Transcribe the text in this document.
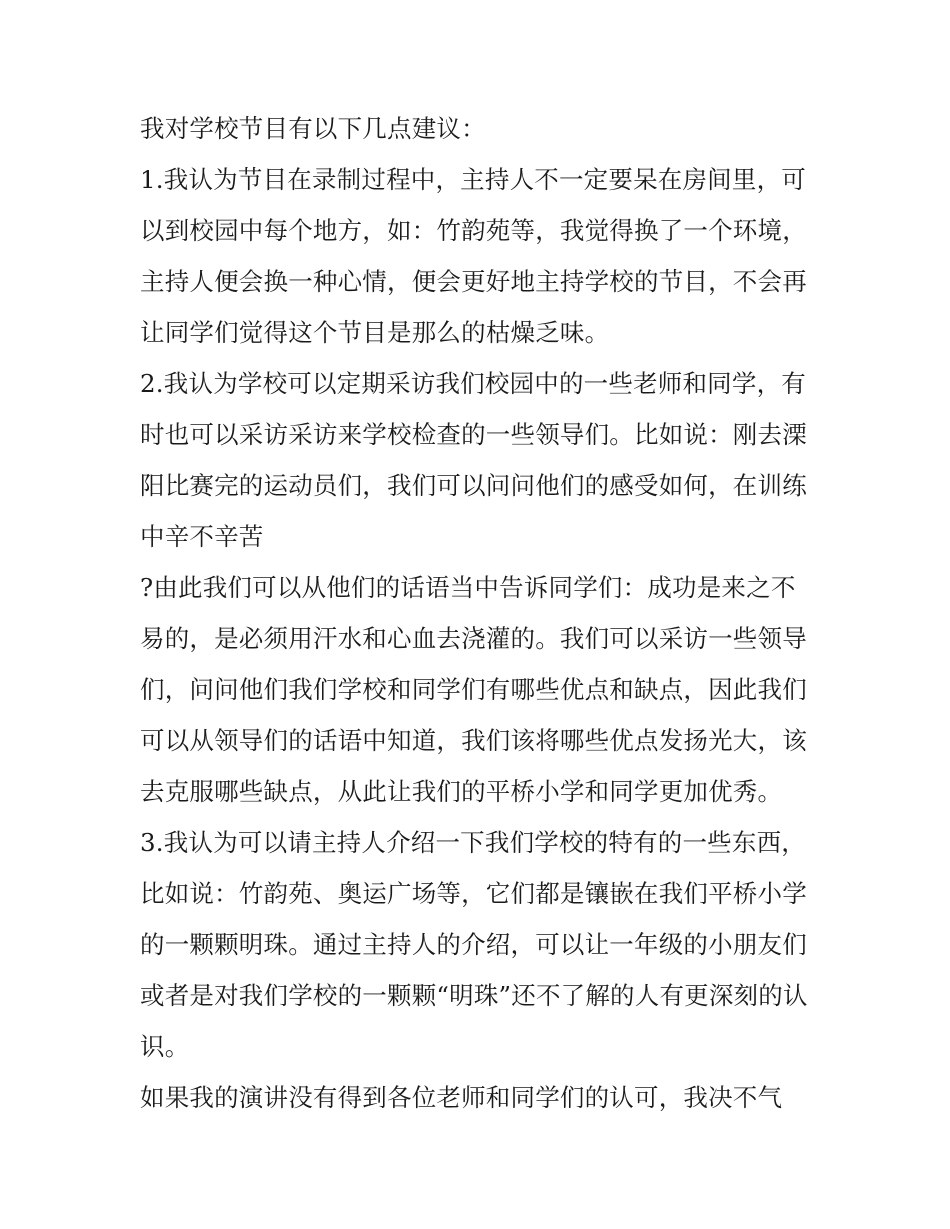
我对学校节目有以下几点建议：

1.我认为节目在录制过程中，主持人不一定要呆在房间里，可
以到校园中每个地方，如：竹韵苑等，我觉得换了一个环境，
主持人便会换一种心情，便会更好地主持学校的节目，不会再
让同学们觉得这个节目是那么的枯燥乏味。

2.我认为学校可以定期采访我们校园中的一些老师和同学，有
时也可以采访采访来学校检查的一些领导们。比如说：刚去溧
阳比赛完的运动员们，我们可以问问他们的感受如何，在训练
中辛不辛苦

?由此我们可以从他们的话语当中告诉同学们：成功是来之不
易的，是必须用汗水和心血去浇灌的。我们可以采访一些领导
们，问问他们我们学校和同学们有哪些优点和缺点，因此我们
可以从领导们的话语中知道，我们该将哪些优点发扬光大，该
去克服哪些缺点，从此让我们的平桥小学和同学更加优秀。

3.我认为可以请主持人介绍一下我们学校的特有的一些东西，
比如说：竹韵苑、奥运广场等，它们都是镶嵌在我们平桥小学
的一颗颗明珠。通过主持人的介绍，可以让一年级的小朋友们
或者是对我们学校的一颗颗“明珠”还不了解的人有更深刻的认
识。

如果我的演讲没有得到各位老师和同学们的认可，我决不气
